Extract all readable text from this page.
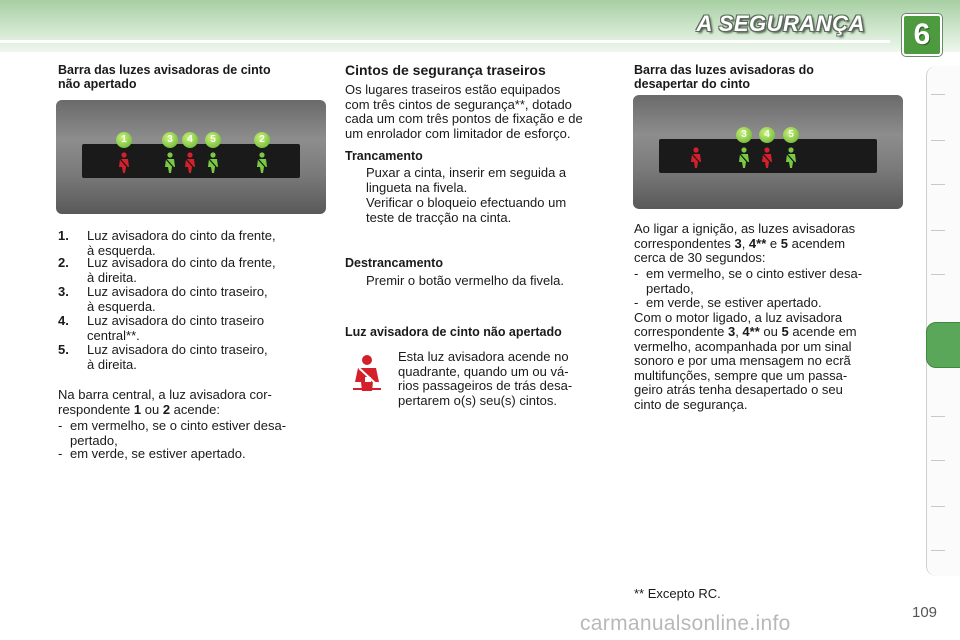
A SEGURANÇA	6
Barra das luzes avisadoras de cinto
não apertado
1	3	4	5	2
1. Luz avisadora do cinto da frente,
à esquerda.
2. Luz avisadora do cinto da frente,
à direita.
3. Luz avisadora do cinto traseiro,
à esquerda.
4. Luz avisadora do cinto traseiro
central**.
5. Luz avisadora do cinto traseiro,
à direita.
Na barra central, a luz avisadora cor-
respondente 1 ou 2 acende:
- em vermelho, se o cinto estiver desa-
pertado,
- em verde, se estiver apertado.
Cintos de segurança traseiros
Os lugares traseiros estão equipados
com três cintos de segurança**, dotado
cada um com três pontos de fixação e de
um enrolador com limitador de esforço.
Trancamento
Puxar a cinta, inserir em seguida a
lingueta na fivela.
Verificar o bloqueio efectuando um
teste de tracção na cinta.
Destrancamento
Premir o botão vermelho da fivela.
Luz avisadora de cinto não apertado
Esta luz avisadora acende no
quadrante, quando um ou vá-
rios passageiros de trás desa-
pertarem o(s) seu(s) cintos.
Barra das luzes avisadoras do
desapertar do cinto
3	4	5
Ao ligar a ignição, as luzes avisadoras
correspondentes 3, 4** e 5 acendem
cerca de 30 segundos:
- em vermelho, se o cinto estiver desa-
pertado,
- em verde, se estiver apertado.
Com o motor ligado, a luz avisadora
correspondente 3, 4** ou 5 acende em
vermelho, acompanhada por um sinal
sonoro e por uma mensagem no ecrã
multifunções, sempre que um passa-
geiro atrás tenha desapertado o seu
cinto de segurança.
** Excepto RC.
109
carmanualsonline.info
